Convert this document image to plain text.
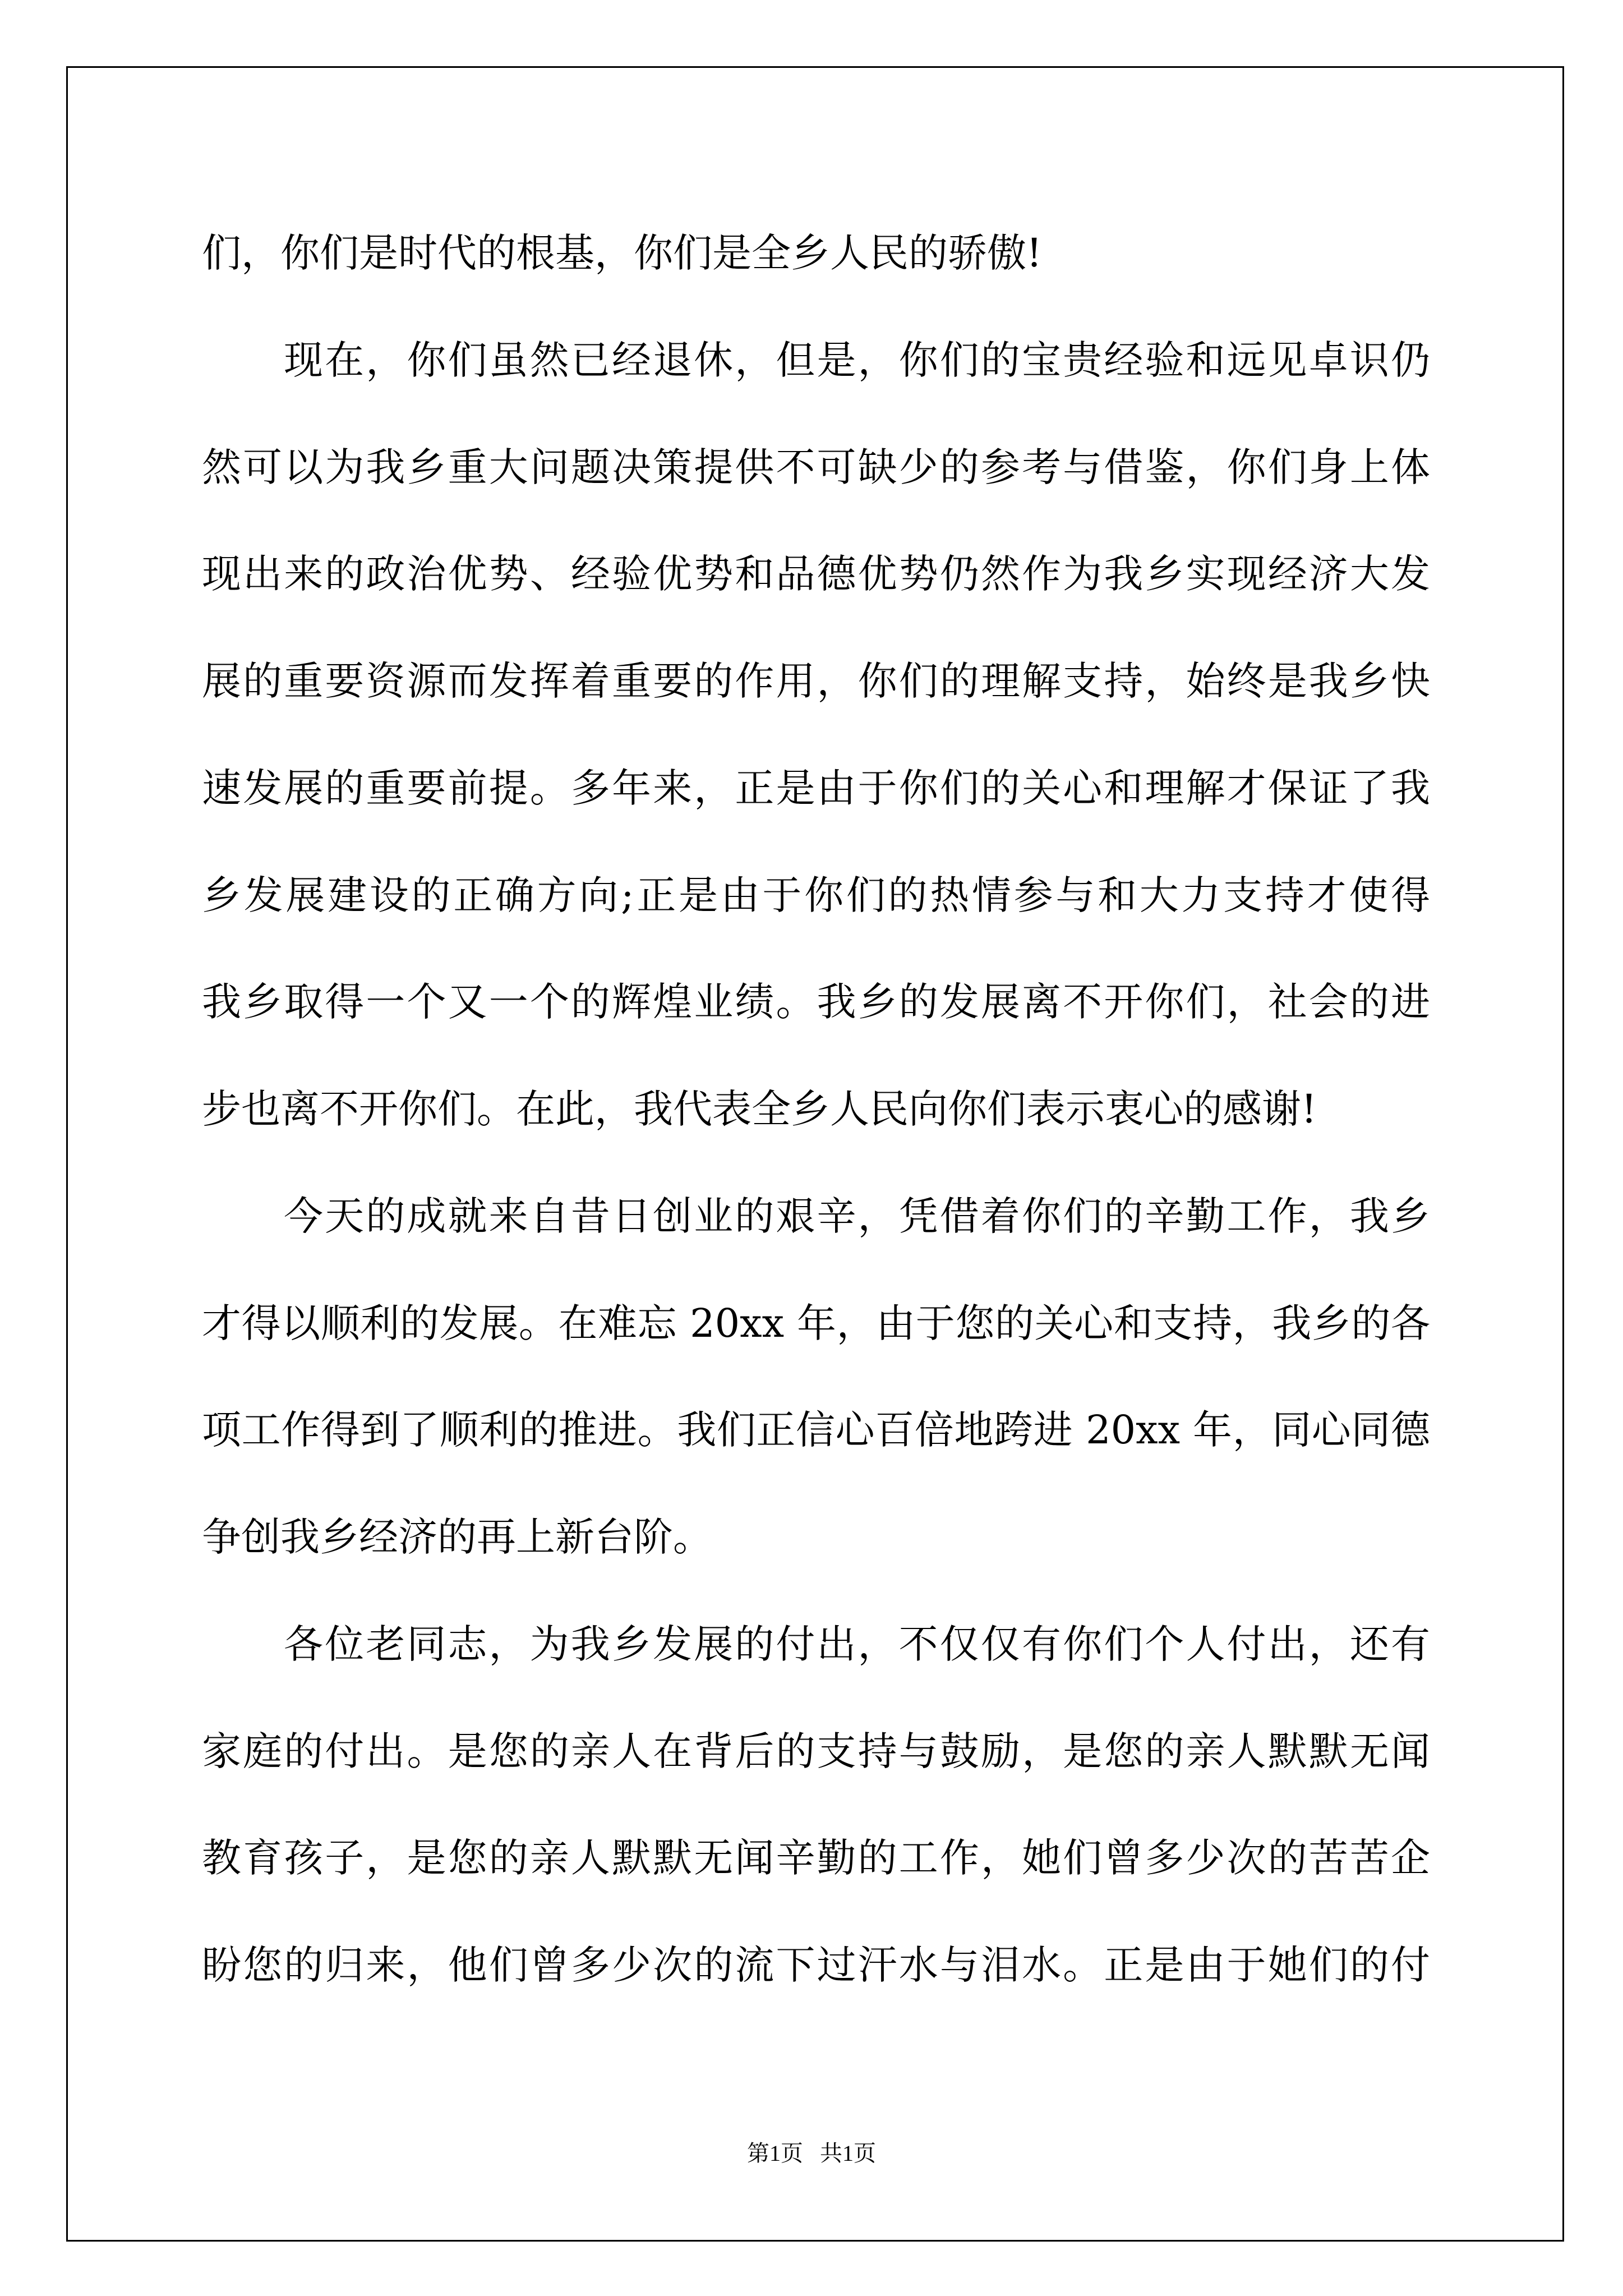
们，你们是时代的根基，你们是全乡人民的骄傲!
现在，你们虽然已经退休，但是，你们的宝贵经验和远见卓识仍
然可以为我乡重大问题决策提供不可缺少的参考与借鉴，你们身上体
现出来的政治优势、经验优势和品德优势仍然作为我乡实现经济大发
展的重要资源而发挥着重要的作用，你们的理解支持，始终是我乡快
速发展的重要前提。多年来，正是由于你们的关心和理解才保证了我
乡发展建设的正确方向;正是由于你们的热情参与和大力支持才使得
我乡取得一个又一个的辉煌业绩。我乡的发展离不开你们，社会的进
步也离不开你们。在此，我代表全乡人民向你们表示衷心的感谢!
今天的成就来自昔日创业的艰辛，凭借着你们的辛勤工作，我乡
才得以顺利的发展。在难忘 20xx 年，由于您的关心和支持，我乡的各
项工作得到了顺利的推进。我们正信心百倍地跨进 20xx 年，同心同德
争创我乡经济的再上新台阶。
各位老同志，为我乡发展的付出，不仅仅有你们个人付出，还有
家庭的付出。是您的亲人在背后的支持与鼓励，是您的亲人默默无闻
教育孩子，是您的亲人默默无闻辛勤的工作，她们曾多少次的苦苦企
盼您的归来，他们曾多少次的流下过汗水与泪水。正是由于她们的付
第1页   共1页
